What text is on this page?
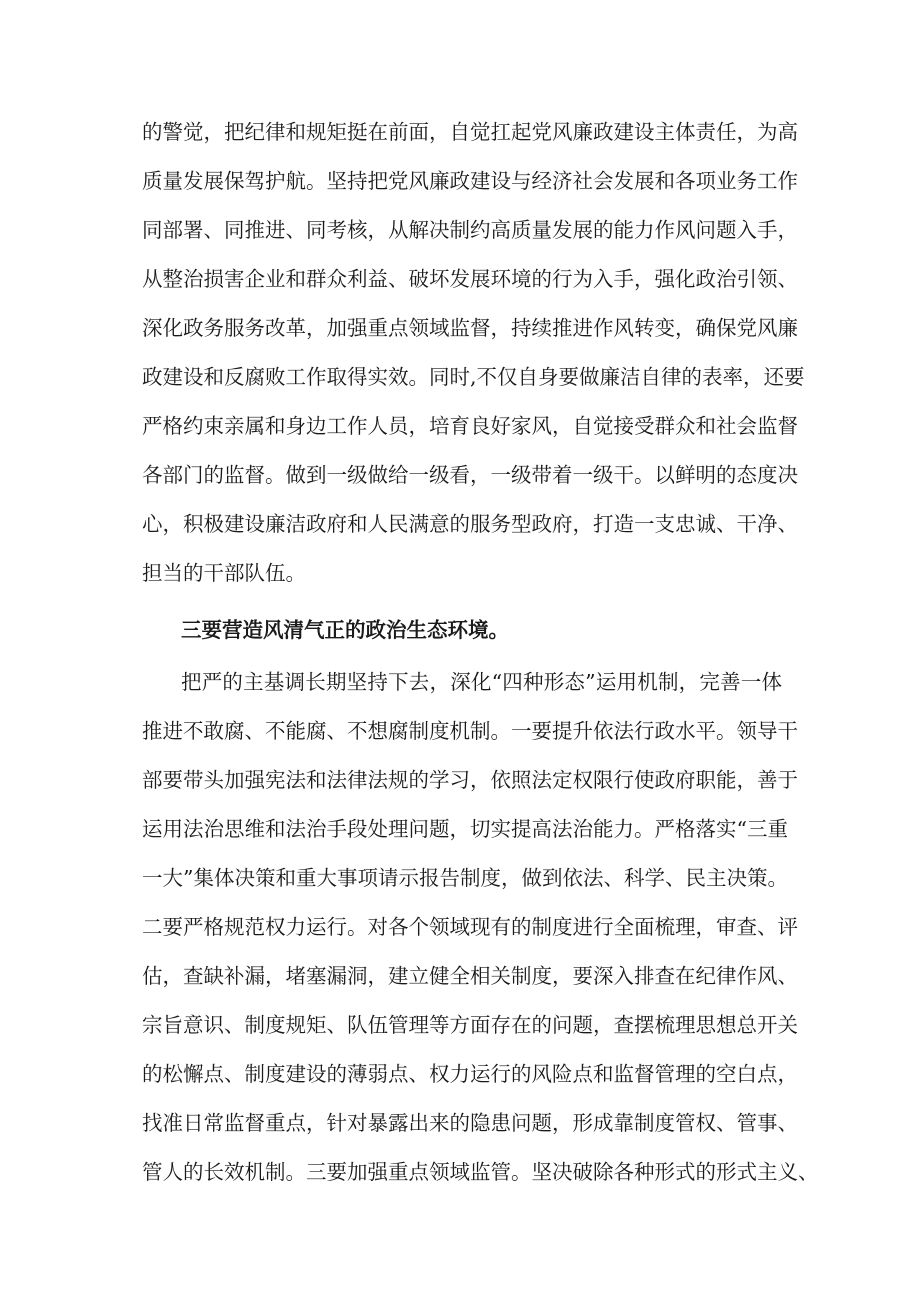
的警觉，把纪律和规矩挺在前面，自觉扛起党风廉政建设主体责任，为高
质量发展保驾护航。坚持把党风廉政建设与经济社会发展和各项业务工作
同部署、同推进、同考核，从解决制约高质量发展的能力作风问题入手，
从整治损害企业和群众利益、破坏发展环境的行为入手，强化政治引领、
深化政务服务改革，加强重点领域监督，持续推进作风转变，确保党风廉
政建设和反腐败工作取得实效。同时,不仅自身要做廉洁自律的表率，还要
严格约束亲属和身边工作人员，培育良好家风，自觉接受群众和社会监督
各部门的监督。做到一级做给一级看，一级带着一级干。以鲜明的态度决
心，积极建设廉洁政府和人民满意的服务型政府，打造一支忠诚、干净、
担当的干部队伍。
三要营造风清气正的政治生态环境。
把严的主基调长期坚持下去，深化“四种形态”运用机制，完善一体
推进不敢腐、不能腐、不想腐制度机制。一要提升依法行政水平。领导干
部要带头加强宪法和法律法规的学习，依照法定权限行使政府职能，善于
运用法治思维和法治手段处理问题，切实提高法治能力。严格落实“三重
一大”集体决策和重大事项请示报告制度，做到依法、科学、民主决策。
二要严格规范权力运行。对各个领域现有的制度进行全面梳理，审查、评
估，查缺补漏，堵塞漏洞，建立健全相关制度，要深入排查在纪律作风、
宗旨意识、制度规矩、队伍管理等方面存在的问题，查摆梳理思想总开关
的松懈点、制度建设的薄弱点、权力运行的风险点和监督管理的空白点，
找准日常监督重点，针对暴露出来的隐患问题，形成靠制度管权、管事、
管人的长效机制。三要加强重点领域监管。坚决破除各种形式的形式主义、
